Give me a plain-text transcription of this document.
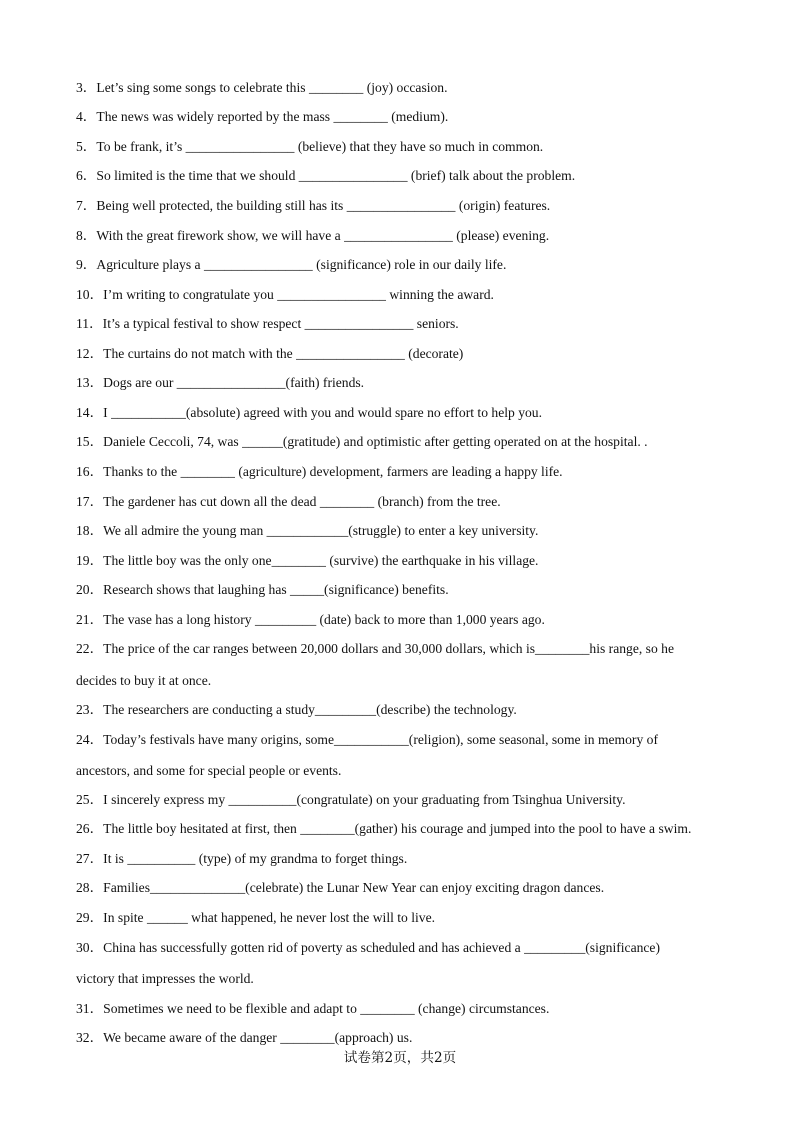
3．Let’s sing some songs to celebrate this ________ (joy) occasion.
4．The news was widely reported by the mass ________ (medium).
5．To be frank, it’s ________________ (believe) that they have so much in common.
6．So limited is the time that we should ________________ (brief) talk about the problem.
7．Being well protected, the building still has its ________________ (origin) features.
8．With the great firework show, we will have a ________________ (please) evening.
9．Agriculture plays a ________________ (significance) role in our daily life.
10．I’m writing to congratulate you ________________ winning the award.
11．It’s a typical festival to show respect ________________ seniors.
12．The curtains do not match with the ________________ (decorate)
13．Dogs are our ________________(faith) friends.
14．I ___________(absolute) agreed with you and would spare no effort to help you.
15．Daniele Ceccoli, 74, was ______(gratitude) and optimistic after getting operated on at the hospital. .
16．Thanks to the ________ (agriculture) development, farmers are leading a happy life.
17．The gardener has cut down all the dead ________ (branch) from the tree.
18．We all admire the young man ____________(struggle) to enter a key university.
19．The little boy was the only one________ (survive) the earthquake in his village.
20．Research shows that laughing has _____(significance) benefits.
21．The vase has a long history _________ (date) back to more than 1,000 years ago.
22．The price of the car ranges between 20,000 dollars and 30,000 dollars, which is________his range, so he
decides to buy it at once.
23．The researchers are conducting a study_________(describe) the technology.
24．Today’s festivals have many origins, some___________(religion), some seasonal, some in memory of
ancestors, and some for special people or events.
25．I sincerely express my __________(congratulate) on your graduating from Tsinghua University.
26．The little boy hesitated at first, then ________(gather) his courage and jumped into the pool to have a swim.
27．It is __________ (type) of my grandma to forget things.
28．Families______________(celebrate) the Lunar New Year can enjoy exciting dragon dances.
29．In spite ______ what happened, he never lost the will to live.
30．China has successfully gotten rid of poverty as scheduled and has achieved a _________(significance)
victory that impresses the world.
31．Sometimes we need to be flexible and adapt to ________ (change) circumstances.
32．We became aware of the danger ________(approach) us.
试卷第2页，共2页
